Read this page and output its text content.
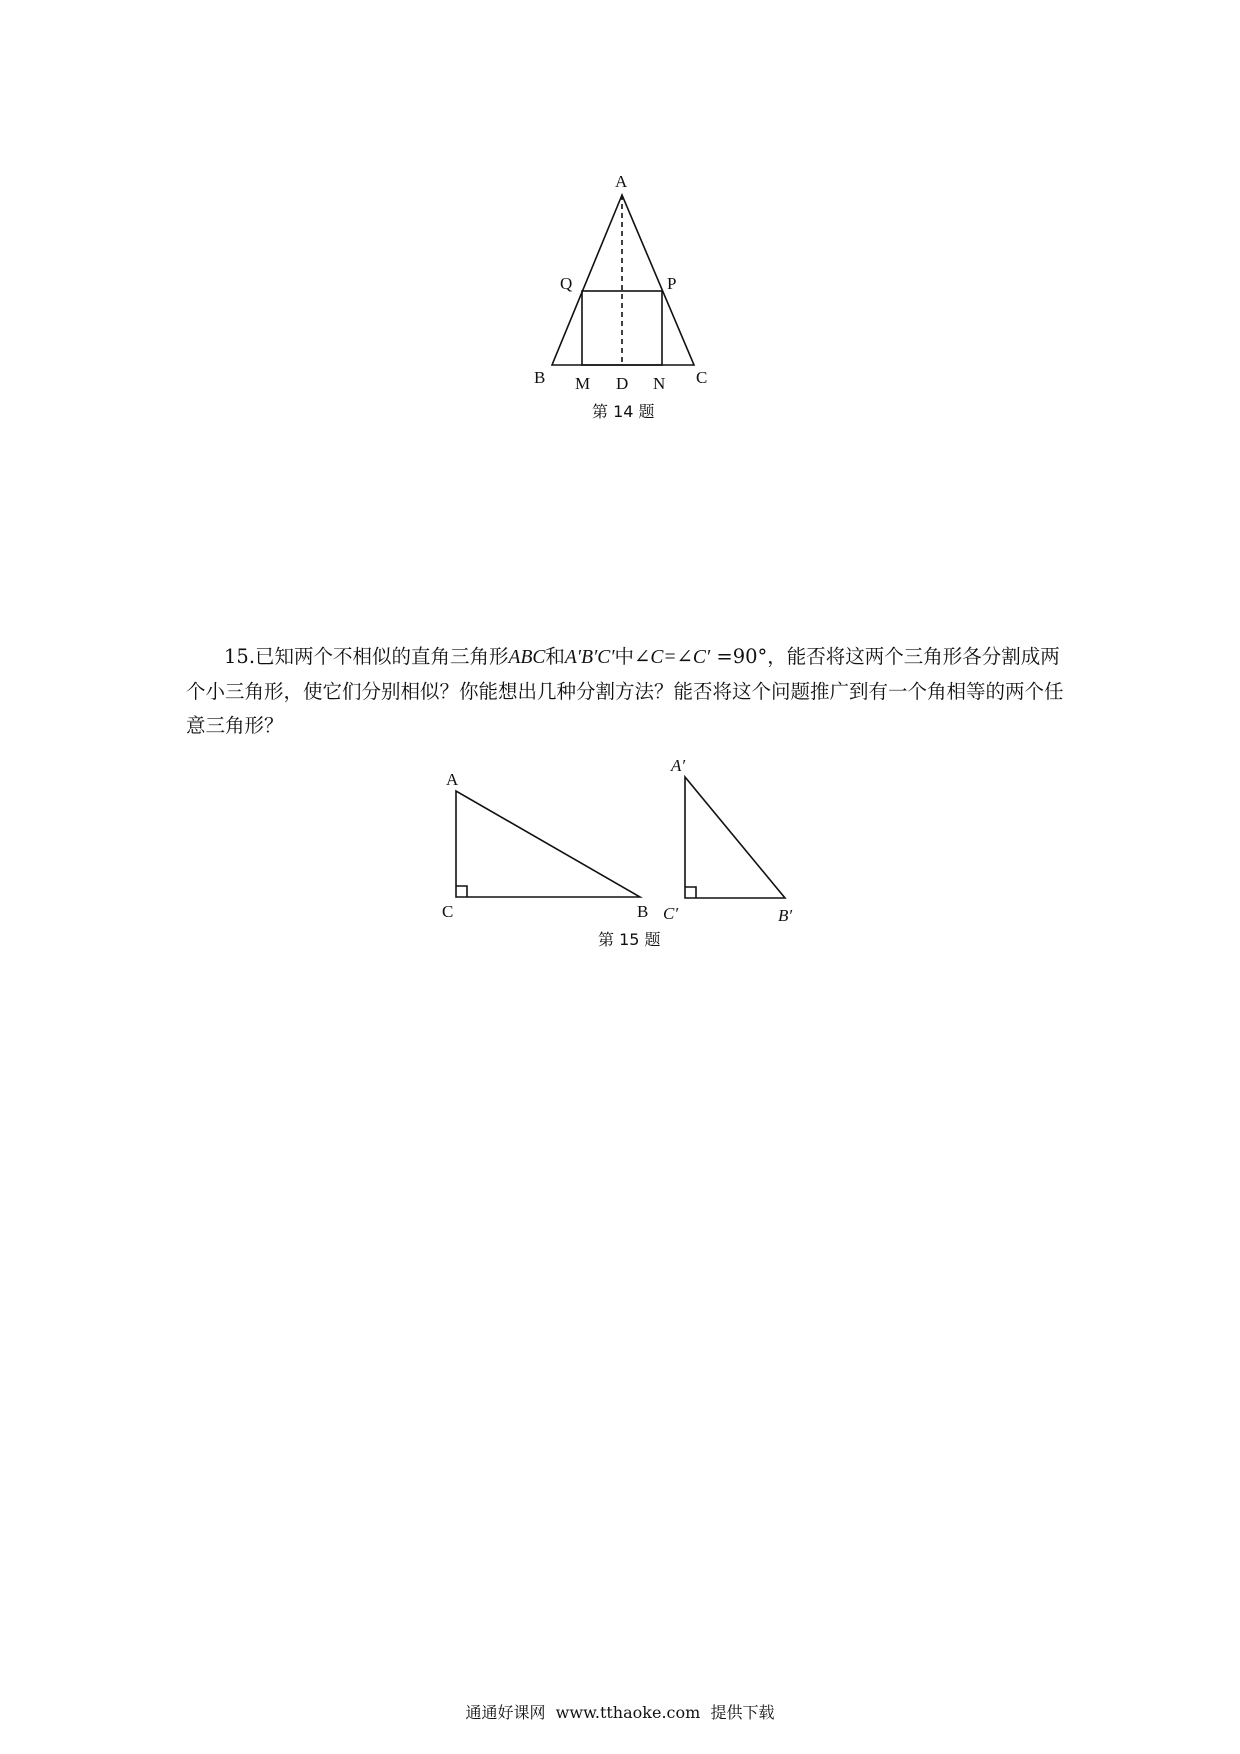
A
Q	P
B M D N C
第 14 题
15.已知两个不相似的直角三角形ABC和A′B′C′中∠C=∠C′ =90°，能否将这两个三角形各分割成两个小三角形，使它们分别相似？你能想出几种分割方法？能否将这个问题推广到有一个角相等的两个任意三角形？
A
C	B
A′
C′	B′
第 15 题
通通好课网  www.tthaoke.com  提供下载
